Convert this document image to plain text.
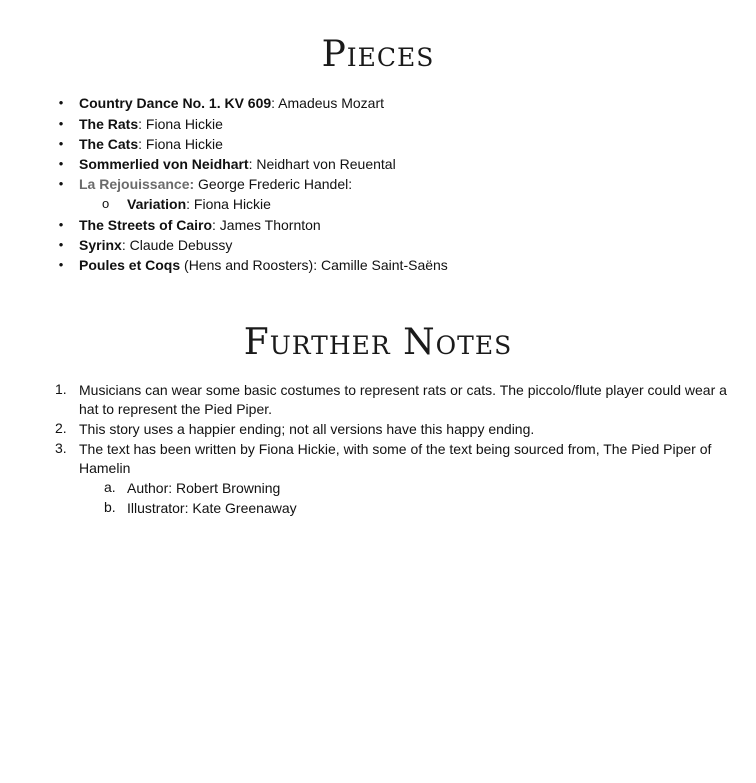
Pieces
• Country Dance No. 1. KV 609: Amadeus Mozart
• The Rats: Fiona Hickie
• The Cats: Fiona Hickie
• Sommerlied von Neidhart: Neidhart von Reuental
• La Rejouissance: George Frederic Handel:
o Variation: Fiona Hickie
• The Streets of Cairo: James Thornton
• Syrinx: Claude Debussy
• Poules et Coqs (Hens and Roosters): Camille Saint-Saëns
Further Notes
1. Musicians can wear some basic costumes to represent rats or cats. The piccolo/flute player could wear a hat to represent the Pied Piper.
2. This story uses a happier ending; not all versions have this happy ending.
3. The text has been written by Fiona Hickie, with some of the text being sourced from, The Pied Piper of Hamelin
a. Author: Robert Browning
b. Illustrator: Kate Greenaway
